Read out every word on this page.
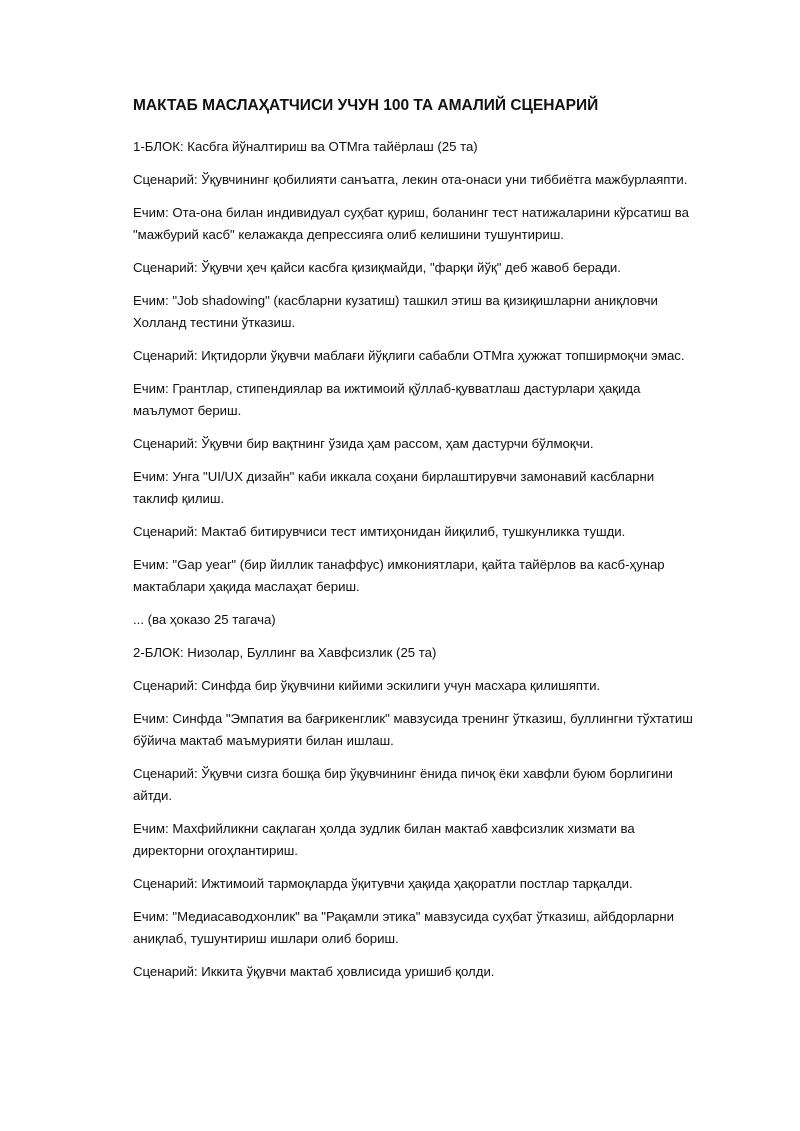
МАКТАБ МАСЛАҲАТЧИСИ УЧУН 100 ТА АМАЛИЙ СЦЕНАРИЙ

1-БЛОК: Касбга йўналтириш ва ОТМга тайёрлаш (25 та)

Сценарий: Ўқувчининг қобилияти санъатга, лекин ота-онаси уни тиббиётга мажбурлаяпти.

Ечим: Ота-она билан индивидуал суҳбат қуриш, боланинг тест натижаларини кўрсатиш ва "мажбурий касб" келажакда депрессияга олиб келишини тушунтириш.

Сценарий: Ўқувчи ҳеч қайси касбга қизиқмайди, "фарқи йўқ" деб жавоб беради.

Ечим: "Job shadowing" (касбларни кузатиш) ташкил этиш ва қизиқишларни аниқловчи Холланд тестини ўтказиш.

Сценарий: Иқтидорли ўқувчи маблағи йўқлиги сабабли ОТМга ҳужжат топширмоқчи эмас.

Ечим: Грантлар, стипендиялар ва ижтимоий қўллаб-қувватлаш дастурлари ҳақида маълумот бериш.

Сценарий: Ўқувчи бир вақтнинг ўзида ҳам рассом, ҳам дастурчи бўлмоқчи.

Ечим: Унга "UI/UX дизайн" каби иккала соҳани бирлаштирувчи замонавий касбларни таклиф қилиш.

Сценарий: Мактаб битирувчиси тест имтиҳонидан йиқилиб, тушкунликка тушди.

Ечим: "Gap year" (бир йиллик танаффус) имкониятлари, қайта тайёрлов ва касб-ҳунар мактаблари ҳақида маслаҳат бериш.

... (ва ҳоказо 25 тагача)

2-БЛОК: Низолар, Буллинг ва Хавфсизлик (25 та)

Сценарий: Синфда бир ўқувчини кийими эскилиги учун масхара қилишяпти.

Ечим: Синфда "Эмпатия ва бағрикенглик" мавзусида тренинг ўтказиш, буллингни тўхтатиш бўйича мактаб маъмурияти билан ишлаш.

Сценарий: Ўқувчи сизга бошқа бир ўқувчининг ёнида пичоқ ёки хавфли буюм борлигини айтди.

Ечим: Махфийликни сақлаган ҳолда зудлик билан мактаб хавфсизлик хизмати ва директорни огоҳлантириш.

Сценарий: Ижтимоий тармоқларда ўқитувчи ҳақида ҳақоратли постлар тарқалди.

Ечим: "Медиасаводхонлик" ва "Рақамли этика" мавзусида суҳбат ўтказиш, айбдорларни аниқлаб, тушунтириш ишлари олиб бориш.

Сценарий: Иккита ўқувчи мактаб ҳовлисида уришиб қолди.
